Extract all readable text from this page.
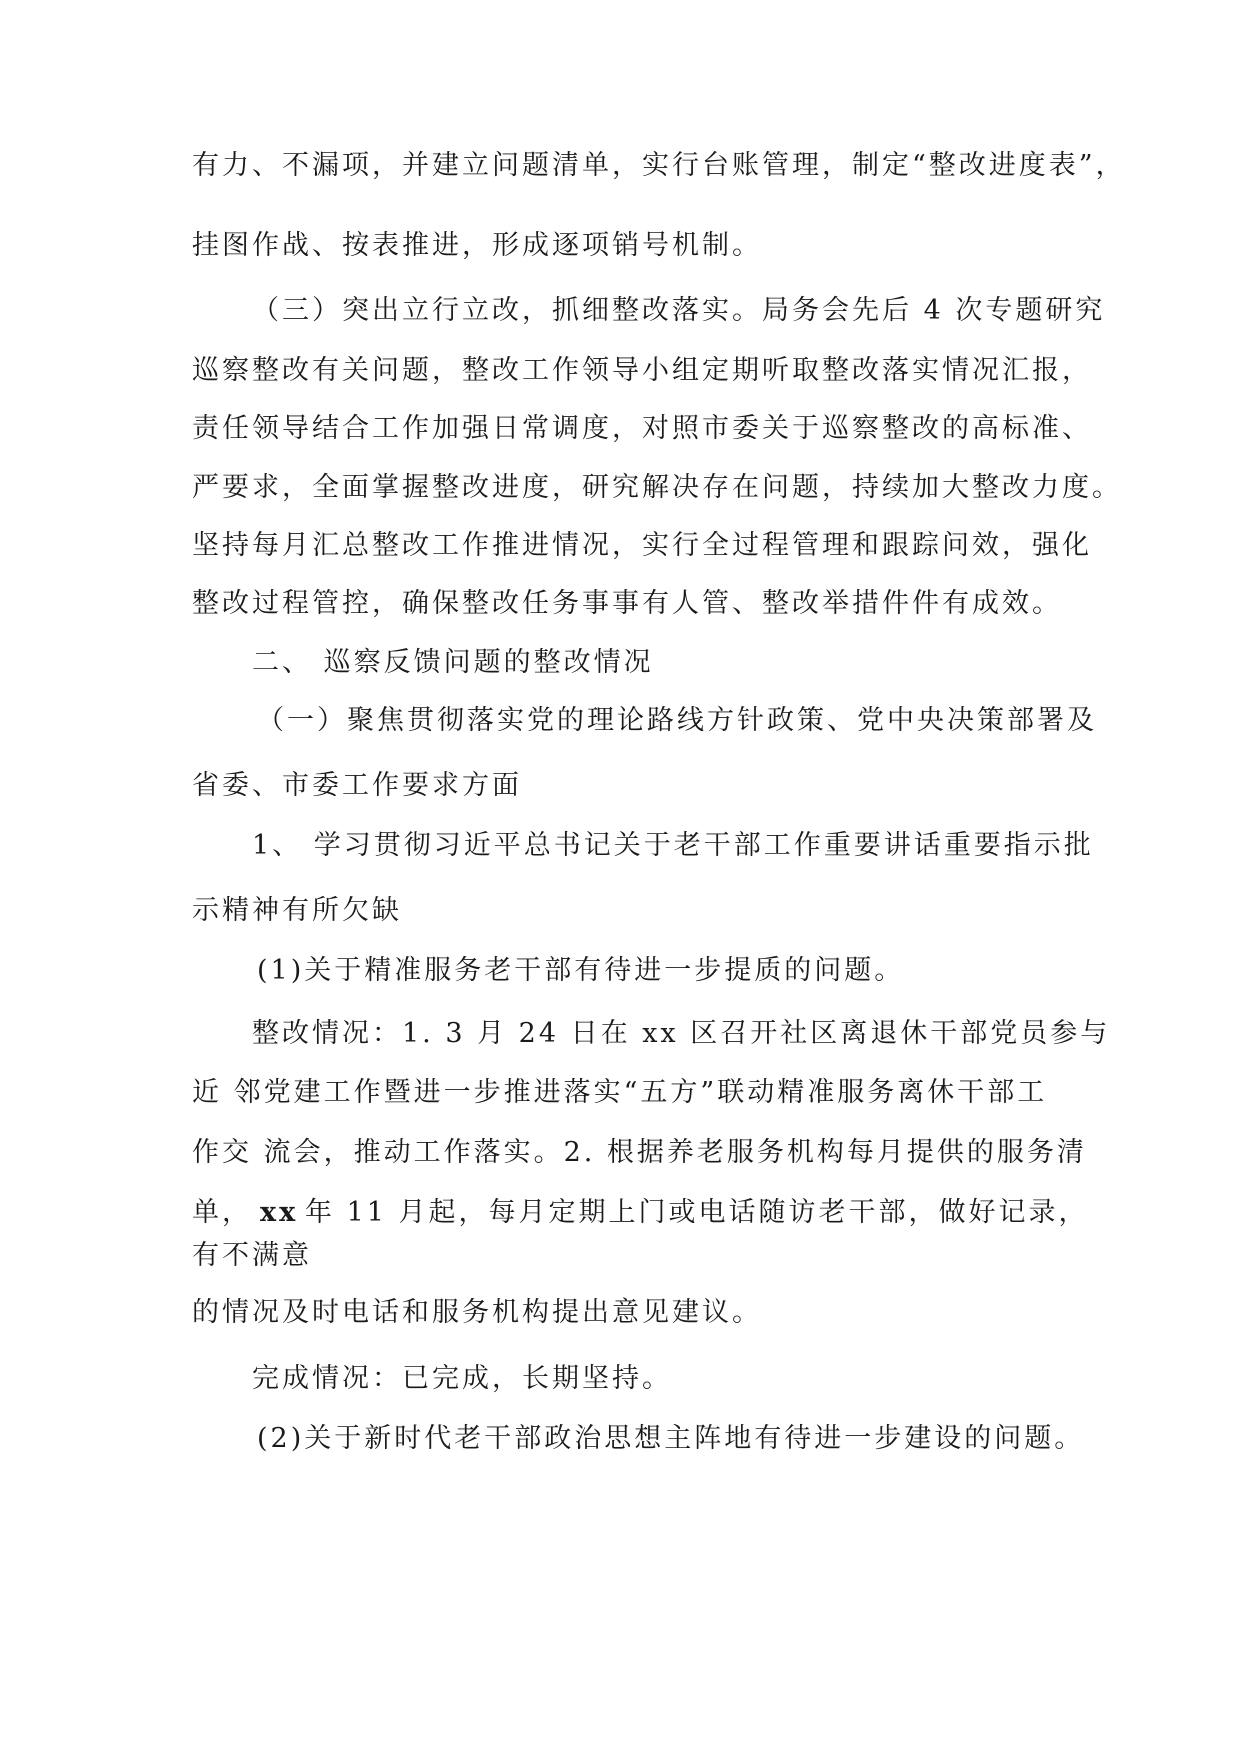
有力、不漏项，并建立问题清单，实行台账管理，制定“整改进度表”，
挂图作战、按表推进，形成逐项销号机制。
（三）突出立行立改，抓细整改落实。局务会先后 4 次专题研究
巡察整改有关问题，整改工作领导小组定期听取整改落实情况汇报，
责任领导结合工作加强日常调度，对照市委关于巡察整改的高标准、
严要求，全面掌握整改进度，研究解决存在问题，持续加大整改力度。
坚持每月汇总整改工作推进情况，实行全过程管理和跟踪问效，强化
整改过程管控，确保整改任务事事有人管、整改举措件件有成效。
二、 巡察反馈问题的整改情况
（一）聚焦贯彻落实党的理论路线方针政策、党中央决策部署及
省委、市委工作要求方面
1、 学习贯彻习近平总书记关于老干部工作重要讲话重要指示批
示精神有所欠缺
(1)关于精准服务老干部有待进一步提质的问题。
整改情况：1. 3 月 24 日在 xx 区召开社区离退休干部党员参与
近 邻党建工作暨进一步推进落实“五方”联动精准服务离休干部工
作交 流会，推动工作落实。2. 根据养老服务机构每月提供的服务清
单， xx 年 11 月起，每月定期上门或电话随访老干部，做好记录，
有不满意
的情况及时电话和服务机构提出意见建议。
完成情况：已完成，长期坚持。
(2)关于新时代老干部政治思想主阵地有待进一步建设的问题。
